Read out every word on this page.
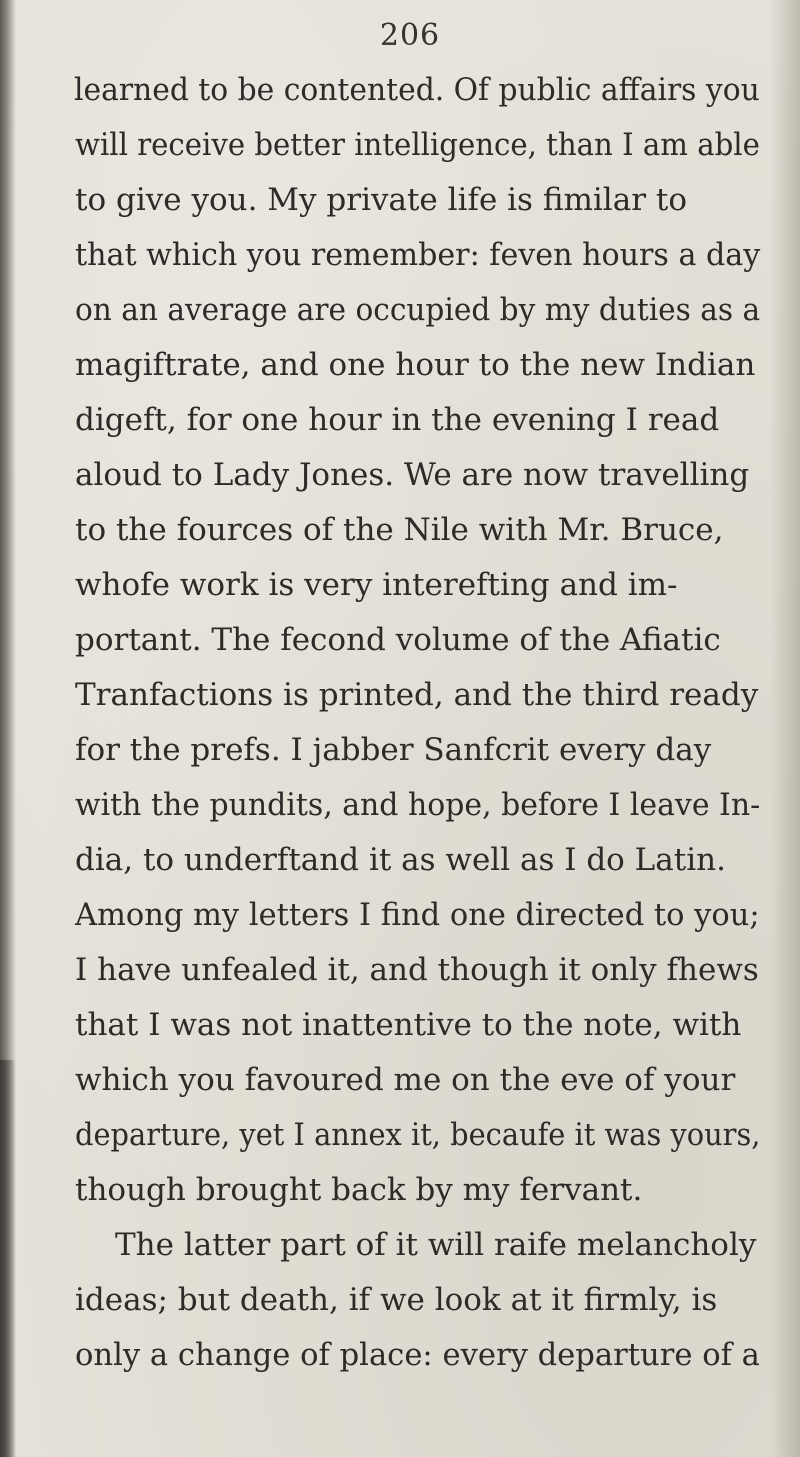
206
learned to be contented. Of public affairs you
will receive better intelligence, than I am able
to give you. My private life is fimilar to
that which you remember: feven hours a day
on an average are occupied by my duties as a
magiftrate, and one hour to the new Indian
digeft, for one hour in the evening I read
aloud to Lady Jones. We are now travelling
to the fources of the Nile with Mr. Bruce,
whofe work is very interefting and im-
portant. The fecond volume of the Afiatic
Tranfactions is printed, and the third ready
for the prefs. I jabber Sanfcrit every day
with the pundits, and hope, before I leave In-
dia, to underftand it as well as I do Latin.
Among my letters I find one directed to you;
I have unfealed it, and though it only fhews
that I was not inattentive to the note, with
which you favoured me on the eve of your
departure, yet I annex it, becaufe it was yours,
though brought back by my fervant.
The latter part of it will raife melancholy
ideas; but death, if we look at it firmly, is
only a change of place: every departure of a
